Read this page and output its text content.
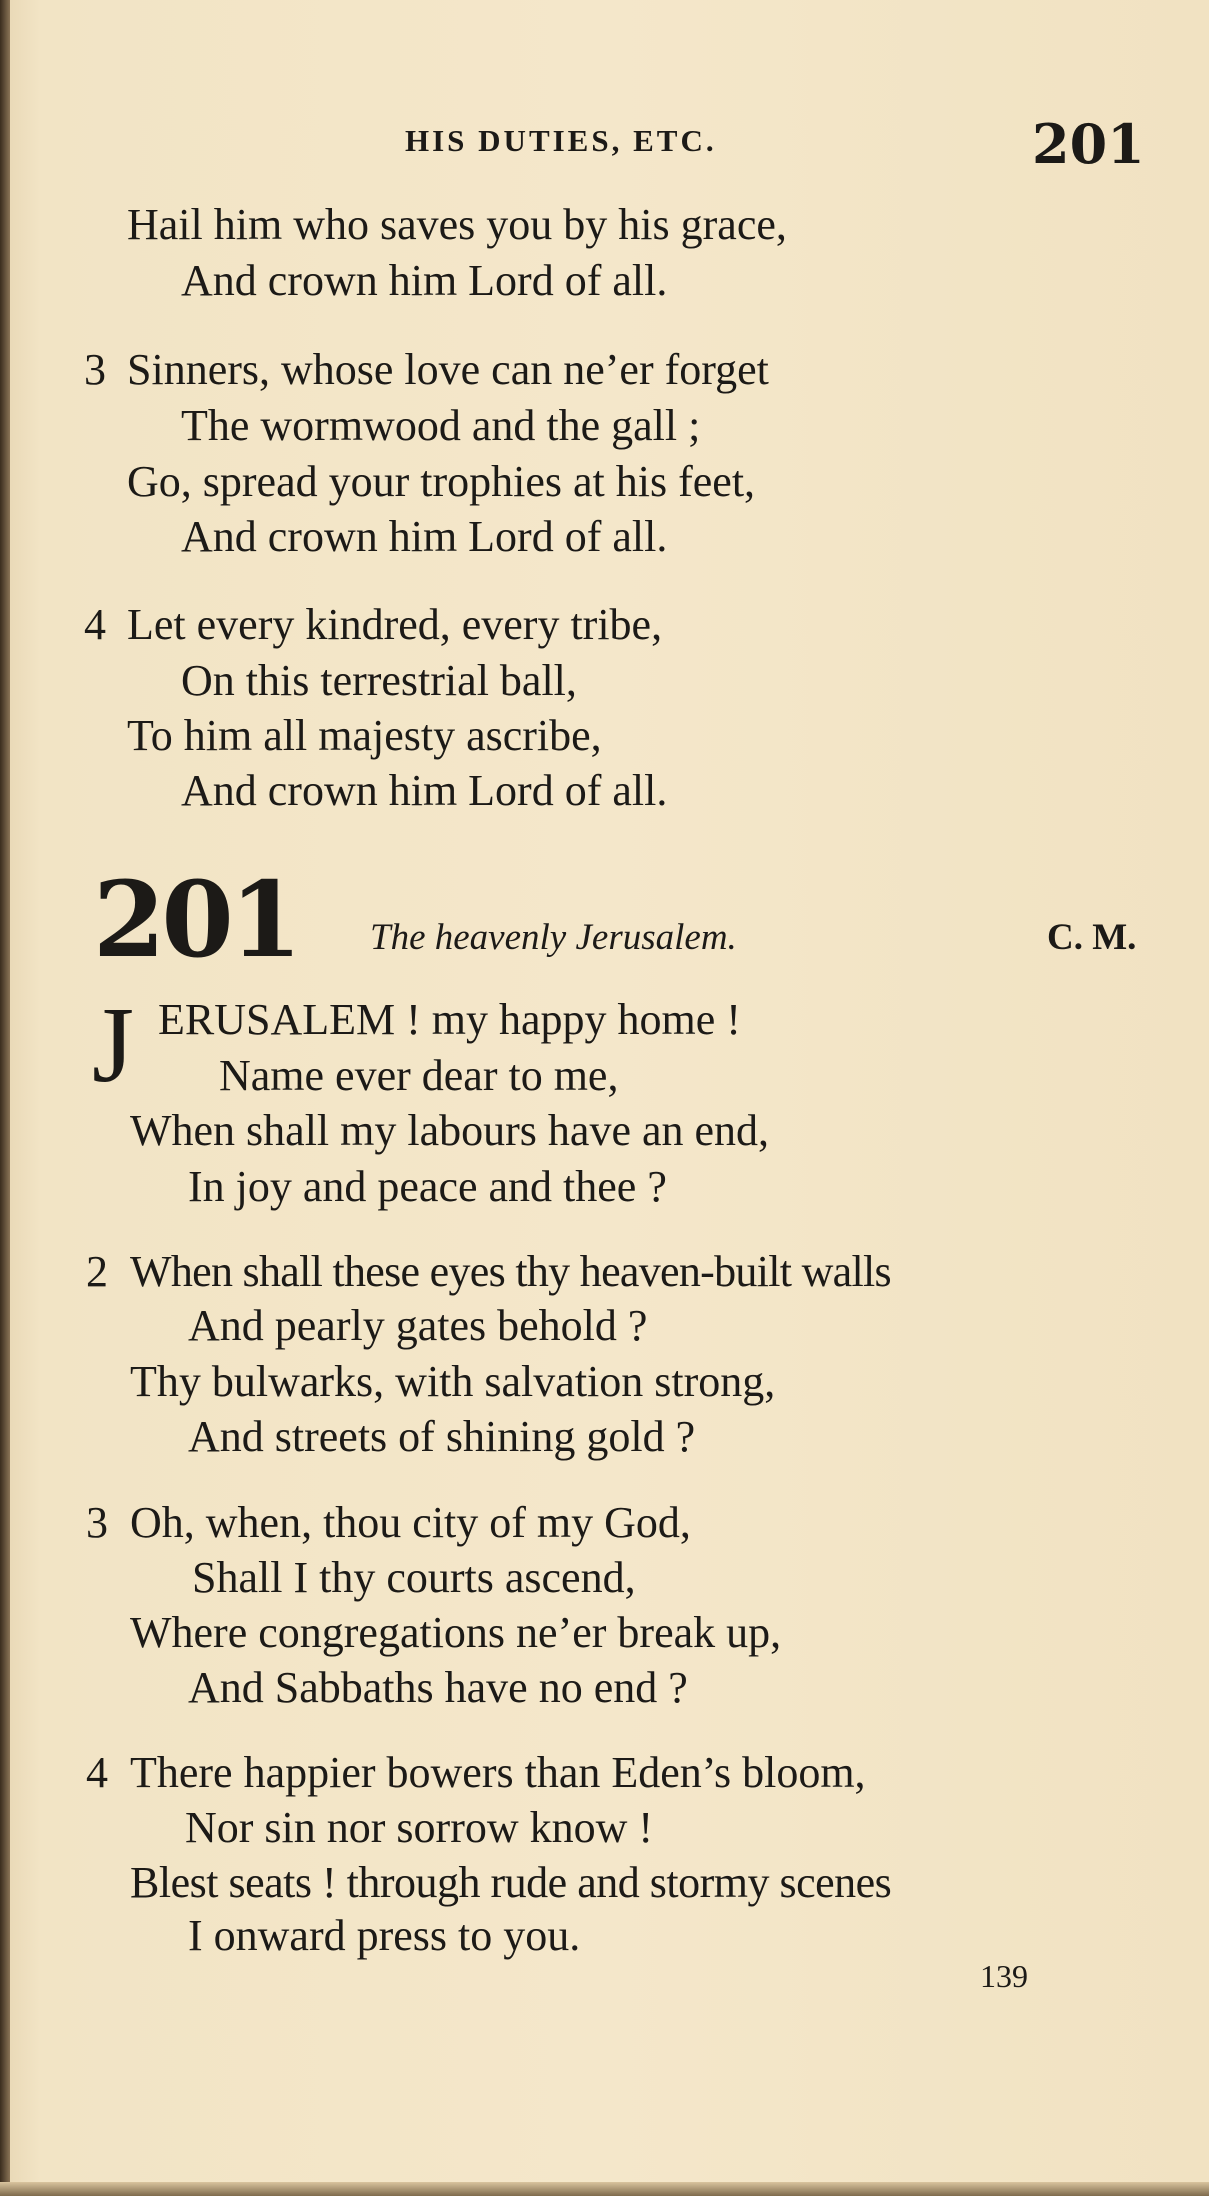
HIS DUTIES, ETC.	201
Hail him who saves you by his grace,
And crown him Lord of all.
3 Sinners, whose love can ne’er forget
The wormwood and the gall ;
Go, spread your trophies at his feet,
And crown him Lord of all.
4 Let every kindred, every tribe,
On this terrestrial ball,
To him all majesty ascribe,
And crown him Lord of all.
201 The heavenly Jerusalem.	C. M.
J ERUSALEM ! my happy home !
Name ever dear to me,
When shall my labours have an end,
In joy and peace and thee ?
2 When shall these eyes thy heaven-built walls
And pearly gates behold ?
Thy bulwarks, with salvation strong,
And streets of shining gold ?
3 Oh, when, thou city of my God,
Shall I thy courts ascend,
Where congregations ne’er break up,
And Sabbaths have no end ?
4 There happier bowers than Eden’s bloom,
Nor sin nor sorrow know !
Blest seats ! through rude and stormy scenes
I onward press to you.
139
